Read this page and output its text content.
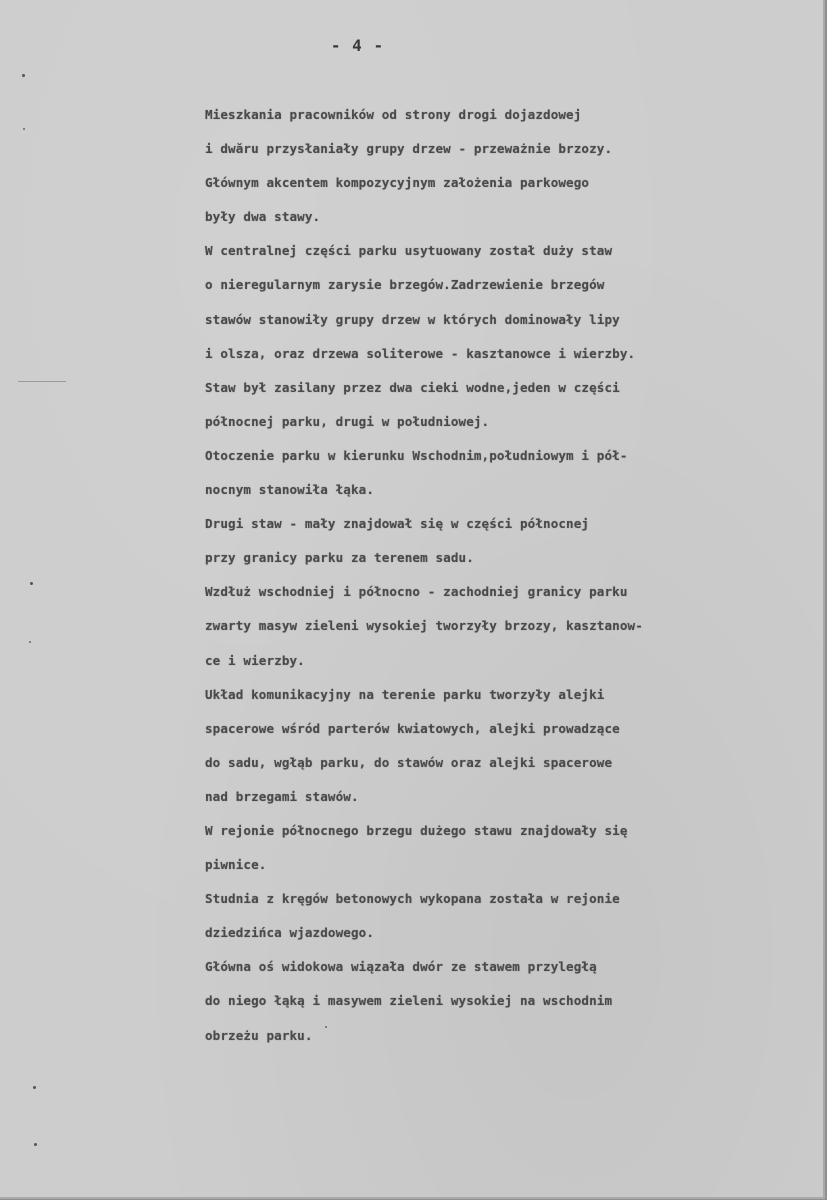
- 4 -
Mieszkania pracowników od strony drogi dojazdowej
i dwăru przysłaniały grupy drzew - przeważnie brzozy.
Głównym akcentem kompozycyjnym założenia parkowego
były dwa stawy.
W centralnej części parku usytuowany został duży staw
o nieregularnym zarysie brzegów.Zadrzewienie brzegów
stawów stanowiły grupy drzew w których dominowały lipy
i olsza, oraz drzewa soliterowe - kasztanowce i wierzby.
Staw był zasilany przez dwa cieki wodne,jeden w części
północnej parku, drugi w południowej.
Otoczenie parku w kierunku Wschodnim,południowym i pół-
nocnym stanowiła łąka.
Drugi staw - mały znajdował się w części północnej
przy granicy parku za terenem sadu.
Wzdłuż wschodniej i północno - zachodniej granicy parku
zwarty masyw zieleni wysokiej tworzyły brzozy, kasztanow-
ce i wierzby.
Układ komunikacyjny na terenie parku tworzyły alejki
spacerowe wśród parterów kwiatowych, alejki prowadzące
do sadu, wgłąb parku, do stawów oraz alejki spacerowe
nad brzegami stawów.
W rejonie północnego brzegu dużego stawu znajdowały się
piwnice.
Studnia z kręgów betonowych wykopana została w rejonie
dziedzińca wjazdowego.
Główna oś widokowa wiązała dwór ze stawem przyległą
do niego łąką i masywem zieleni wysokiej na wschodnim
obrzeżu parku.
